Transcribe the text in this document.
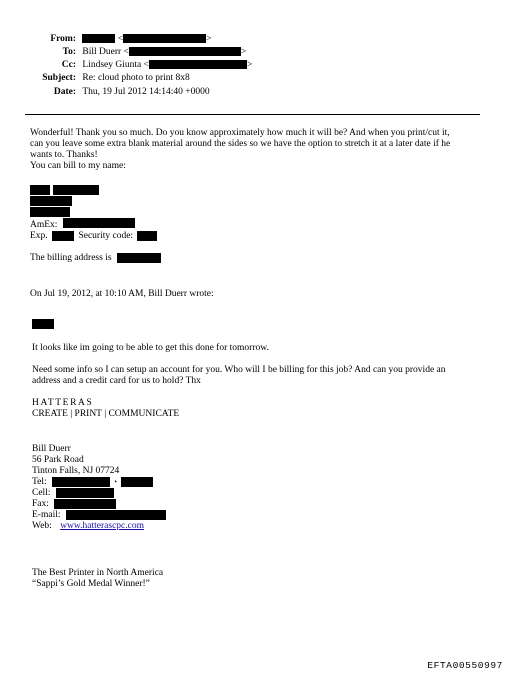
From:	<	>
To: Bill Duerr <	>
Cc: Lindsey Giunta <	>
Subject: Re: cloud photo to print 8x8
Date: Thu, 19 Jul 2012 14:14:40 +0000
Wonderful! Thank you so much. Do you know approximately how much it will be? And when you print/cut it,
can you leave some extra blank material around the sides so we have the option to stretch it at a later date if he
wants to. Thanks!
You can bill to my name:
AmEx:
Exp.	Security code:
The billing address is
On Jul 19, 2012, at 10:10 AM, Bill Duerr wrote:
It looks like im going to be able to get this done for tomorrow.
Need some info so I can setup an account for you. Who will I be billing for this job? And can you provide an
address and a credit card for us to hold? Thx
HATTERAS
CREATE | PRINT | COMMUNICATE
Bill Duerr
56 Park Road
Tinton Falls, NJ 07724
Tel:	•
Cell:
Fax:
E-mail:
Web: www.hatterascpc.com
The Best Printer in North America
“Sappi’s Gold Medal Winner!”
EFTA00550997
